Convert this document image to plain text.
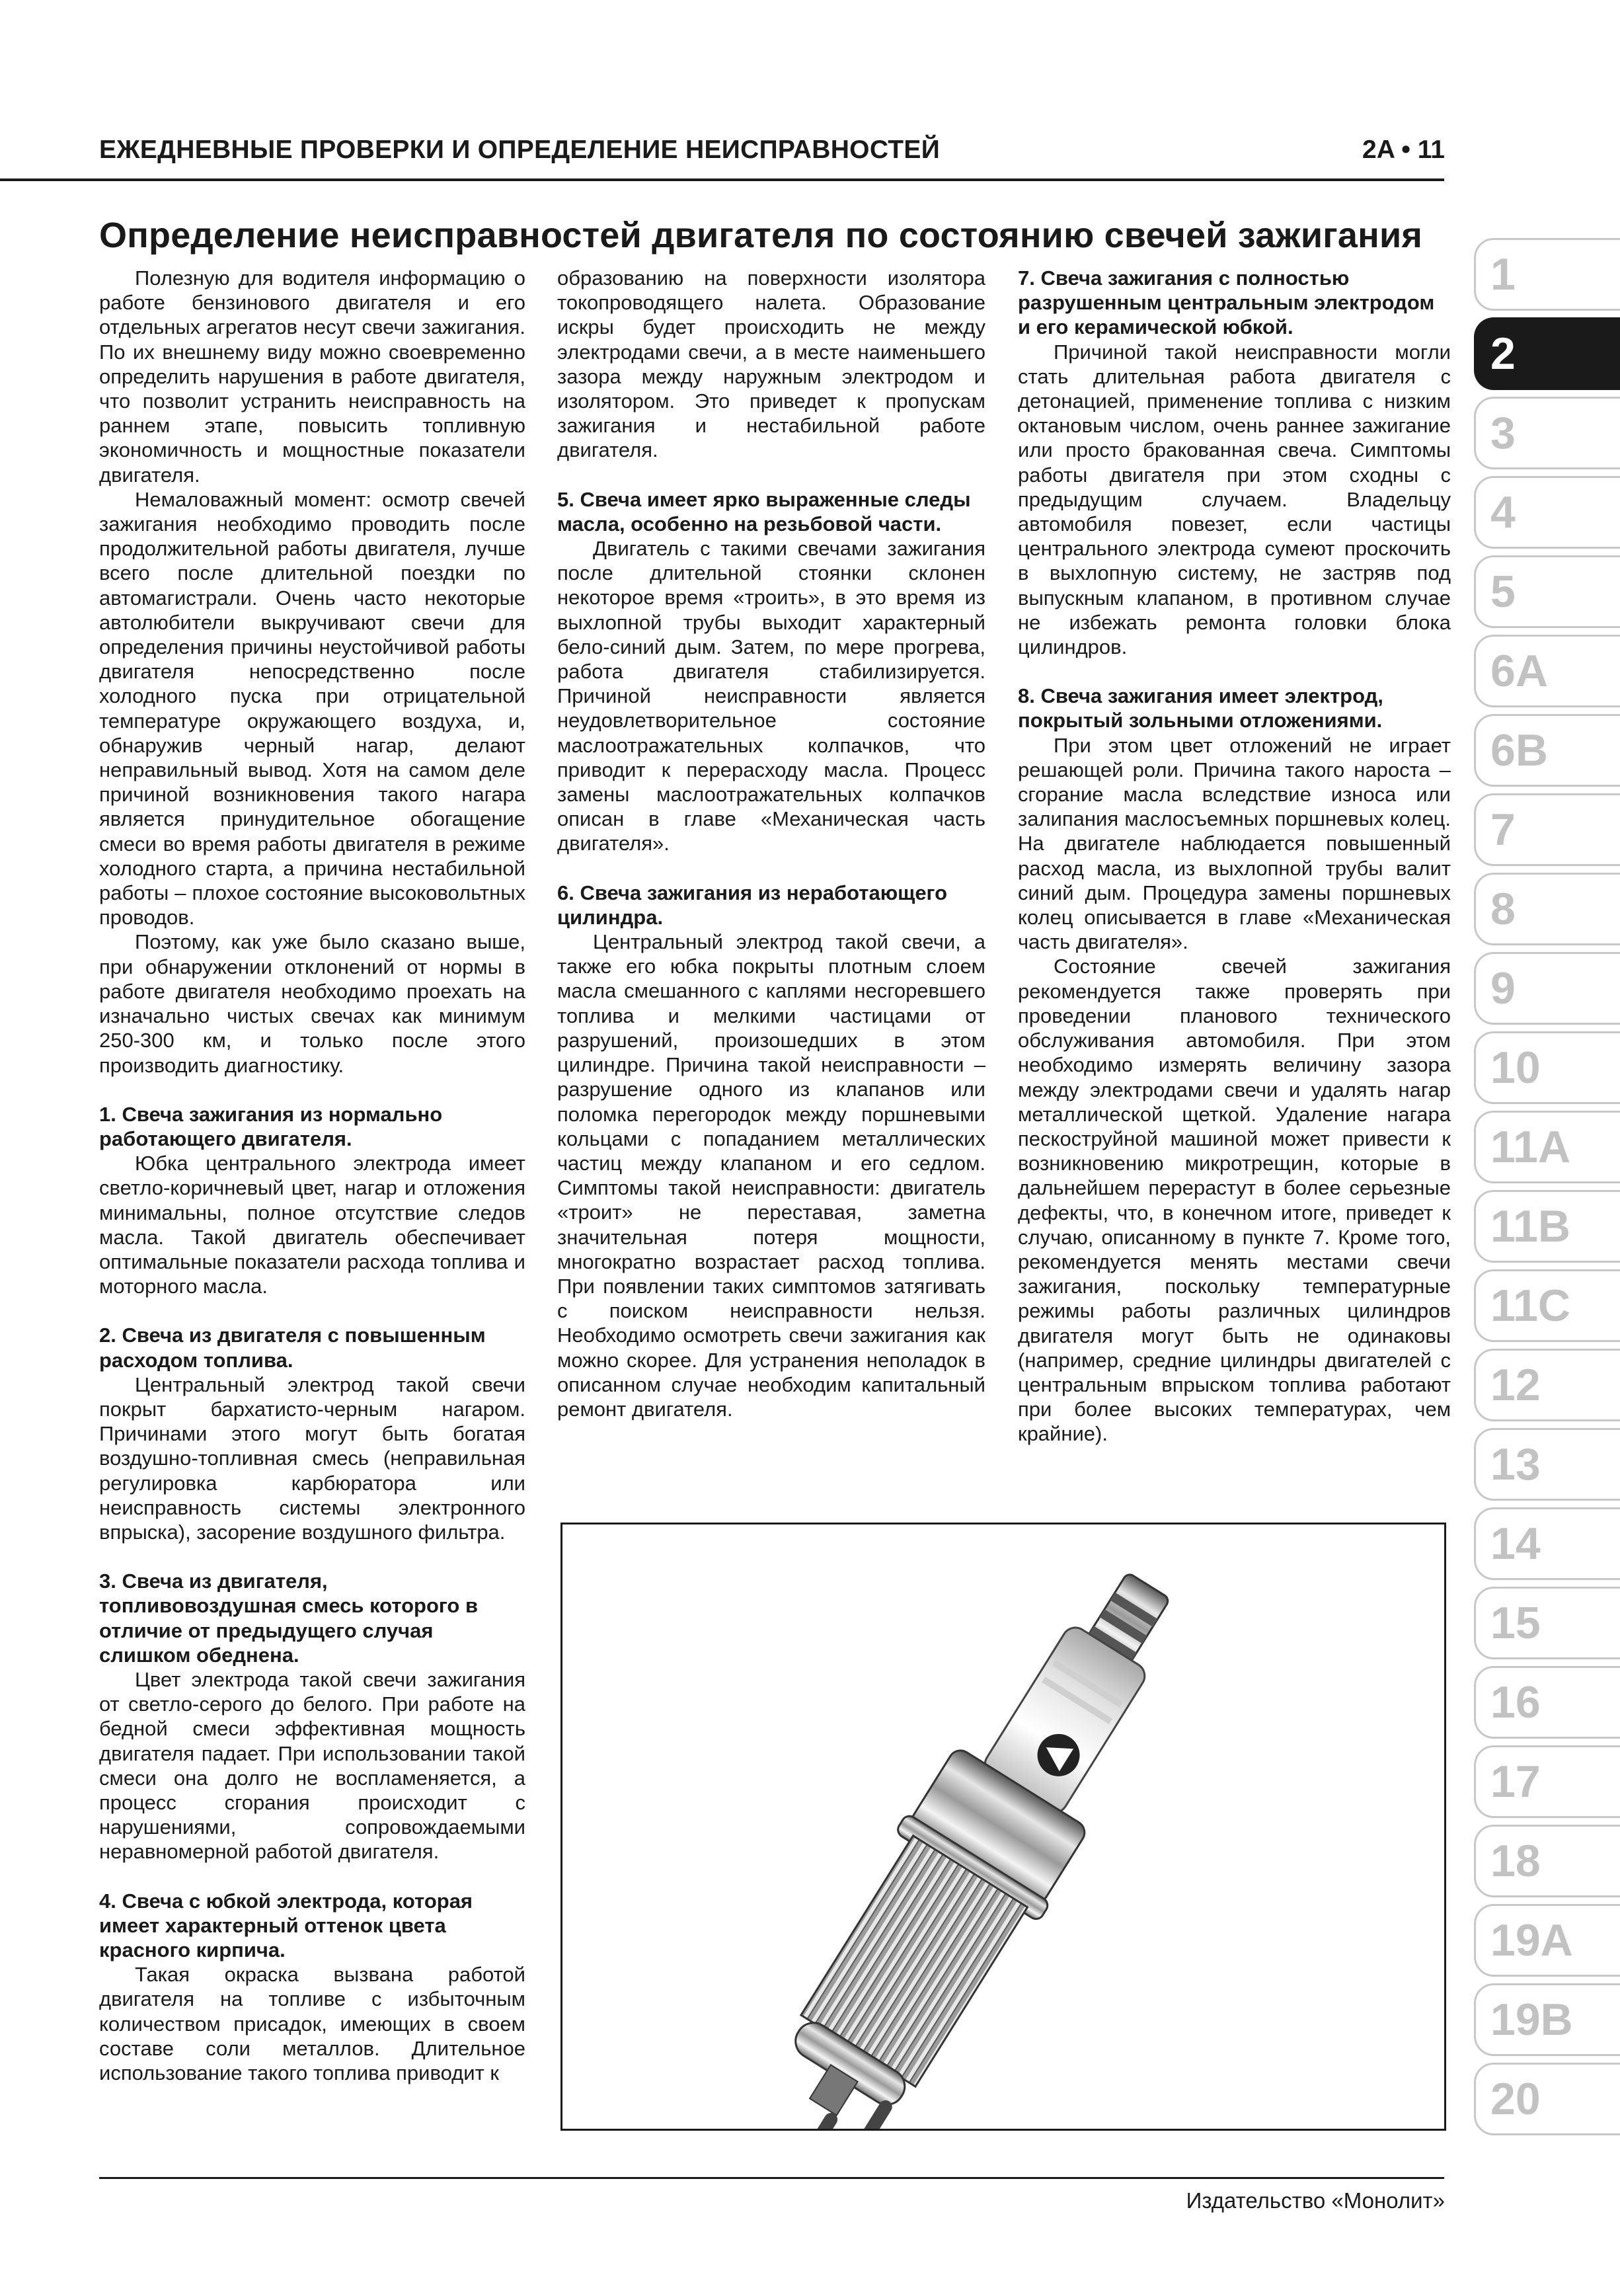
ЕЖЕДНЕВНЫЕ ПРОВЕРКИ И ОПРЕДЕЛЕНИЕ НЕИСПРАВНОСТЕЙ	2A • 11
Определение неисправностей двигателя по состоянию свечей зажигания

Полезную для водителя информацию о работе бензинового двигателя и его отдельных агрегатов несут свечи зажигания. По их внешнему виду можно своевременно определить нарушения в работе двигателя, что позволит устранить неисправность на раннем этапе, повысить топливную экономичность и мощностные показатели двигателя.

Немаловажный момент: осмотр свечей зажигания необходимо проводить после продолжительной работы двигателя, лучше всего после длительной поездки по автомагистрали. Очень часто некоторые автолюбители выкручивают свечи для определения причины неустойчивой работы двигателя непосредственно после холодного пуска при отрицательной температуре окружающего воздуха, и, обнаружив черный нагар, делают неправильный вывод. Хотя на самом деле причиной возникновения такого нагара является принудительное обогащение смеси во время работы двигателя в режиме холодного старта, а причина нестабильной работы – плохое состояние высоковольтных проводов.

Поэтому, как уже было сказано выше, при обнаружении отклонений от нормы в работе двигателя необходимо проехать на изначально чистых свечах как минимум 250-300 км, и только после этого производить диагностику.

1. Свеча зажигания из нормально работающего двигателя.

Юбка центрального электрода имеет светло-коричневый цвет, нагар и отложения минимальны, полное отсутствие следов масла. Такой двигатель обеспечивает оптимальные показатели расхода топлива и моторного масла.

2. Свеча из двигателя с повышенным расходом топлива.

Центральный электрод такой свечи покрыт бархатисто-черным нагаром. Причинами этого могут быть богатая воздушно-топливная смесь (неправильная регулировка карбюратора или неисправность системы электронного впрыска), засорение воздушного фильтра.

3. Свеча из двигателя, топливовоздушная смесь которого в отличие от предыдущего случая слишком обеднена.

Цвет электрода такой свечи зажигания от светло-серого до белого. При работе на бедной смеси эффективная мощность двигателя падает. При использовании такой смеси она долго не воспламеняется, а процесс сгорания происходит с нарушениями, сопровождаемыми неравномерной работой двигателя.

4. Свеча с юбкой электрода, которая имеет характерный оттенок цвета красного кирпича.

Такая окраска вызвана работой двигателя на топливе с избыточным количеством присадок, имеющих в своем составе соли металлов. Длительное использование такого топлива приводит к

образованию на поверхности изолятора токопроводящего налета. Образование искры будет происходить не между электродами свечи, а в месте наименьшего зазора между наружным электродом и изолятором. Это приведет к пропускам зажигания и нестабильной работе двигателя.

5. Свеча имеет ярко выраженные следы масла, особенно на резьбовой части.

Двигатель с такими свечами зажигания после длительной стоянки склонен некоторое время «троить», в это время из выхлопной трубы выходит характерный бело-синий дым. Затем, по мере прогрева, работа двигателя стабилизируется. Причиной неисправности является неудовлетворительное состояние маслоотражательных колпачков, что приводит к перерасходу масла. Процесс замены маслоотражательных колпачков описан в главе «Механическая часть двигателя».

6. Свеча зажигания из неработающего цилиндра.

Центральный электрод такой свечи, а также его юбка покрыты плотным слоем масла смешанного с каплями несгоревшего топлива и мелкими частицами от разрушений, произошедших в этом цилиндре. Причина такой неисправности – разрушение одного из клапанов или поломка перегородок между поршневыми кольцами с попаданием металлических частиц между клапаном и его седлом. Симптомы такой неисправности: двигатель «троит» не переставая, заметна значительная потеря мощности, многократно возрастает расход топлива. При появлении таких симптомов затягивать с поиском неисправности нельзя. Необходимо осмотреть свечи зажигания как можно скорее. Для устранения неполадок в описанном случае необходим капитальный ремонт двигателя.

7. Свеча зажигания с полностью разрушенным центральным электродом и его керамической юбкой.

Причиной такой неисправности могли стать длительная работа двигателя с детонацией, применение топлива с низким октановым числом, очень раннее зажигание или просто бракованная свеча. Симптомы работы двигателя при этом сходны с предыдущим случаем. Владельцу автомобиля повезет, если частицы центрального электрода сумеют проскочить в выхлопную систему, не застряв под выпускным клапаном, в противном случае не избежать ремонта головки блока цилиндров.

8. Свеча зажигания имеет электрод, покрытый зольными отложениями.

При этом цвет отложений не играет решающей роли. Причина такого нароста – сгорание масла вследствие износа или залипания маслосъемных поршневых колец. На двигателе наблюдается повышенный расход масла, из выхлопной трубы валит синий дым. Процедура замены поршневых колец описывается в главе «Механическая часть двигателя».

Состояние свечей зажигания рекомендуется также проверять при проведении планового технического обслуживания автомобиля. При этом необходимо измерять величину зазора между электродами свечи и удалять нагар металлической щеткой. Удаление нагара пескоструйной машиной может привести к возникновению микротрещин, которые в дальнейшем перерастут в более серьезные дефекты, что, в конечном итоге, приведет к случаю, описанному в пункте 7. Кроме того, рекомендуется менять местами свечи зажигания, поскольку температурные режимы работы различных цилиндров двигателя могут быть не одинаковы (например, средние цилиндры двигателей с центральным впрыском топлива работают при более высоких температурах, чем крайние).

1
2
3
4
5
6A
6B
7
8
9
10
11A
11B
11C
12
13
14
15
16
17
18
19A
19B
20
Издательство «Монолит»
